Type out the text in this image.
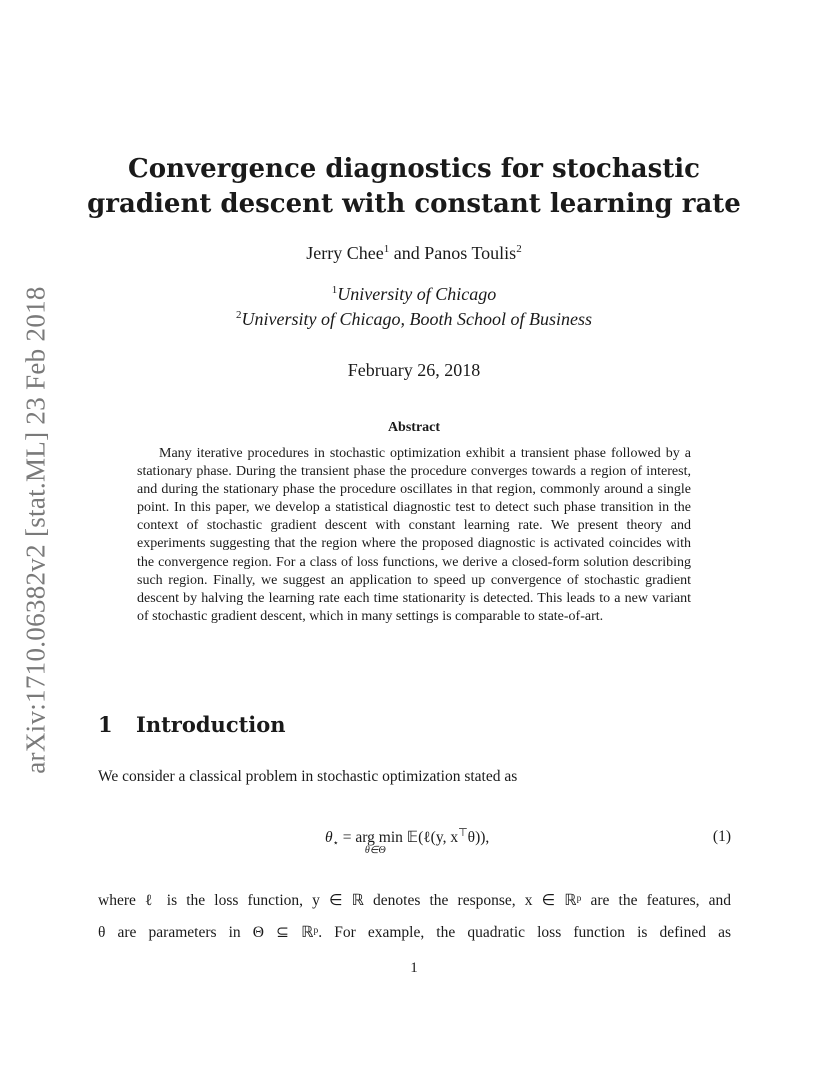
arXiv:1710.06382v2 [stat.ML] 23 Feb 2018
Convergence diagnostics for stochastic
gradient descent with constant learning rate
Jerry Chee$^1$ and Panos Toulis$^2$
$^1$University of Chicago
$^2$University of Chicago, Booth School of Business
February 26, 2018
Abstract
Many iterative procedures in stochastic optimization exhibit a transient phase followed by a stationary phase. During the transient phase the procedure converges towards a region of interest, and during the stationary phase the procedure oscillates in that region, commonly around a single point. In this paper, we develop a statistical diagnostic test to detect such phase transition in the context of stochastic gradient descent with constant learning rate. We present theory and experiments suggesting that the region where the proposed diagnostic is activated coincides with the convergence region. For a class of loss functions, we derive a closed-form solution describing such region. Finally, we suggest an application to speed up convergence of stochastic gradient descent by halving the learning rate each time stationarity is detected. This leads to a new variant of stochastic gradient descent, which in many settings is comparable to state-of-art.
1 Introduction
We consider a classical problem in stochastic optimization stated as
$\theta_⋆$ = arg min
θ∈Θ
𝔼(ℓ(y, x⊤θ)),	(1)
where ℓ is the loss function, y ∈ ℝ denotes the response, x ∈ ℝᵖ are the features, and
θ are parameters in Θ ⊆ ℝᵖ. For example, the quadratic loss function is defined as
1
